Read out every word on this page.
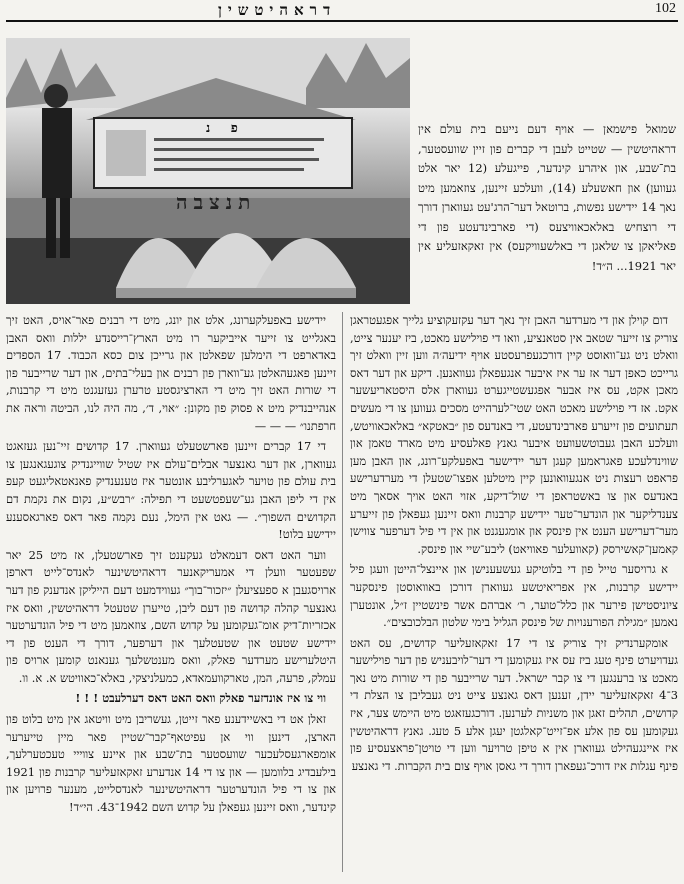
דראהיטשין	102
פ נ
תנצבה
שמואל פישמאן — אויף דעם נייעם בית עולם אין דראהיטשין — שטייט לעבן די קברים פון זיין שוועסטער, בת־שבע, און איהרע קינדער, פייגעלע (12 יאר אלט געווען) און חאשעלע (14), וועלכע זיינען, צוזאמען מיט נאך 14 יידישע נפשות, ברוטאל דער־הרג'עט געווארן דורך די רוצחיש באלאכאוויצעס (די פארבינדעטע פון די פאליאקן צו שלאגן די באלשעוויקעס) אין זאקאזעליע אין יאר 1921... ה״ד!

דום קוילן און די מערדער האבן זיך נאך דער עקזעקוציע גלייך אפגעטראגן צוריק צו זייער שטאב אין סטאנציע, וואו די פוילישע מאכט, ביז יענער צייט, וואלט ניט גע־וואוסט קיין דורכגעפרעסטע אויף ידיעה׳ה ווען זיין וואלט זיך גרייכט כאפן דער אז ער איז איבער אנגעפאלן געוואנען. דיקע און דער דאס מאכן אקט, עס איז אבער אפגעשטייגערט געווארן אלס היסטאריעשער אקט. אז די פוילישע מאכט האט שטי־לערהייט מסכים געווען צו די מעשים תעתועים פון זייערע פארבינדעטע, די באנדעס פון ״באטקא״ באלאכאוויטש, וועלכע האבן געבוטשעוועט איבער גאנץ פאלעסיע מיט מארד טאמן און שווינדלעכע פאגראמען קעגן דער יידישער באפעלקע־רונג, און האבן מען פראפט רעצות ניט אנגעוואונען קיין מיטלען אפצו־שטעלן די מערדערישע באנדעס און צו באשטראפן די שול־דיקע, אזוי האט אויך אסאך מיט צענדליקער און הונדער־טער יידישע קרבנות וואס זיינען געפאלן פון זייערע מער־דערישע הענט אין פינסק און אומגעגנט און אין די פיל דערפער צווישן קאמען־קאשירסק (קאוועלער פאוויאט) ליבע־שיי און פינסק.

א גרויסער טייל פון די בלוטיקע געשעענישן און איינצל־הייטן וועגן פיל יידישע קרבנות, אין אפריאיטשע געווארן דורכן באוואוסטן פינסקער ציוניסטישן פירער און כלל־טוער, ר׳ אברהם אשר פינשטיין ז״ל, אונטערן נאמען ״מגילת הפורענויות של פינסק הגליל בימי שלטון הבלכובצים״.

אומקערנדיק זיך צוריק צו די 17 זאקאזעליער קדושים, עס האט געדויערט פינף טעג ביז עס איז געקומען די דער־לויבעניש פון דער פוילישער מאכט צו ברענגען די צו קבר ישראל. דער שרייבער פון די שורות מיט נאך 3־4 זאקאזעליער יידן, זענען דאס גאנצע צייט ניט געבליבן צו הצלת די קדושים, תהלים זאגן און משניות לערנען. דורכגעזאגט מיט היימש צער, איז געקומען עס פון אלע אפ־זייט־קאלגטן יעגן אלע 5 טעג. גאנץ דראהיטשין איז איינגעהילט געווארן אין א טיפן טרויער ווען די טויטן־פראצעסיע פון פינף עגלות איז דורכ־געפארן דורך די גאסן אויף צום בית הקברות. די גאנצע

יידישע באפעלקערונג, אלט און יונג, מיט די רבנים פאר־אויס, האט זיך באגלייט צו זייער אייביקער רו מיט הארץ־רייסנדע יללות וואס האבן באדארפט די הימלען שפאלטן און גרייכן צום כסא הכבוד. 17 הספדים זיינען פאגעהאלטן גע־ווארן פון רבנים און בעלי־בתים, און דער שרייבער פון די שורות האט זיך מיט די הארציגסטע טרערן געזעגנט מיט די קרבנות, אנהייבנדיק מיט א פסוק פון מקונן: ״אוי, ד׳, מה היה לנו, הביטה וראה את חרפתנו״ — — —

די 17 קברים זיינען פארשטעלט געווארן. 17 קדושים זיי־נען געזאגט געווארן, און דער גאנצער אבלים־עולם איז שטיל שווייגנדיק צוגעגאנגען צו בית עולם פון טויער לאגערליבע אונטער איז טענענדיק פאנאטאליגעט קעפ אין די ליפן האבן גע־שעפטשעט די תפילה: ״רבש״ע, נקום את נקמת דם הקדושים השפוך״. — גאט אין הימל, נעם נקמה פאר דאס פארגאסענע יידישע בלוט!

ווער האט דאס דעמאלט געקענט זיך פארשטעלן, אז מיט 25 יאר שפעטער וועלן די אמעריקאנער דראהיטשינער לאנדס־לייט דארפן ארויסגעבן א ספעציעלן ״יזכור־בוך״ געווידמעט דעם הייליקן אנדענק פון דער גאנצער קהלה קדושה פון דעם ליבן, טייערן שטעטל דראהיטשין, וואס איז אכזריות־דיק אומ־געקומען על קדוש השם, צוזאמען מיט די פיל הונדערטער יידישע שטעט און שטעטלעך און דערפער, דורך די הענט פון די היטלערישע מערדער פאלק, וואס מענטשלעך גענאנט קומען ארויס פון עמלק, פרעה, המן, טארקוועמאדא, כמעלניצקי, באלא־כאוויטש א. א. וו.

ווי צו איז אונדזער פאלק וואס האט דאס דערלעבט ! ! !

זאלן אט די באשיידענע פאר זייטן, געשריבן מיט וויטאג אין מיט בלוט פון הארצן, דינען ווי אן עפיטאף־קבר־שטיין פאר מיין טייערער אומפארגעסלעכער שוועסטער בת־שבע און איינע צווייי טעכטערלעך, בילעבדיג בלוומען — און צו די 14 אנדערע זאקאזעליער קרבנות פון 1921 און צו די פיל הונדערטער דראהיטשינער לאנדסלייט, מענער פרויען און קינדער, וואס זיינען געפאלן על קדוש השם 1942־43. הי״ד!
